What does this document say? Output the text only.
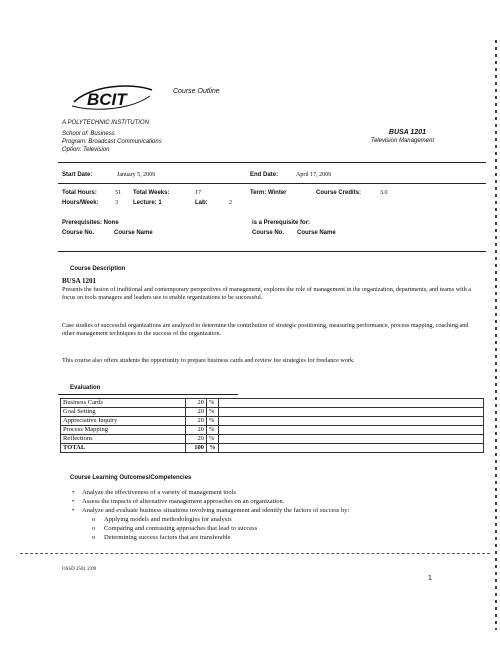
BCIT	Course Outline
A POLYTECHNIC INSTITUTION
School of: Business
Program: Broadcast Communications
Option: Television
BUSA 1201
Television Management
Start Date:	January 5, 2009	End Date:	April 17, 2009
Total Hours:	51 Total Weeks:	17	Term: Winter	Course Credits:	3.0
Hours/Week:	3	Lecture: 1	Lab:	2
Prerequisites: None	is a Prerequisite for:
Course No.	Course Name	Course No. Course Name
Course Description
BUSA 1201
Presents the fusion of traditional and contemporary perspectives of management, explores the role of management in the organization, departments, and teams with a focus on tools managers and leaders use to enable organizations to be successful.
Case studies of successful organizations are analyzed to determine the contribution of strategic positioning, measuring performance, process mapping, coaching and other management techniques to the success of the organization.
This course also offers students the opportunity to prepare business cards and review fee strategies for freelance work.
Evaluation
Business Cards	20	%	
Goal Setting	20	%	
Appreciative Inquiry	20	%	
Process Mapping	20	%	
Reflections	20	%	
TOTAL	100	%	
Course Learning Outcomes/Competencies
• Analyze the effectiveness of a variety of management tools
• Assess the impacts of alternative management approaches on an organization.
• Analyze and evaluate business situations involving management and identify the factors of success by:
o Applying models and methodologies for analysis
o Comparing and contrasting approaches that lead to success
o Determining success factors that are transferable
OSSD 2501 2/09
1
